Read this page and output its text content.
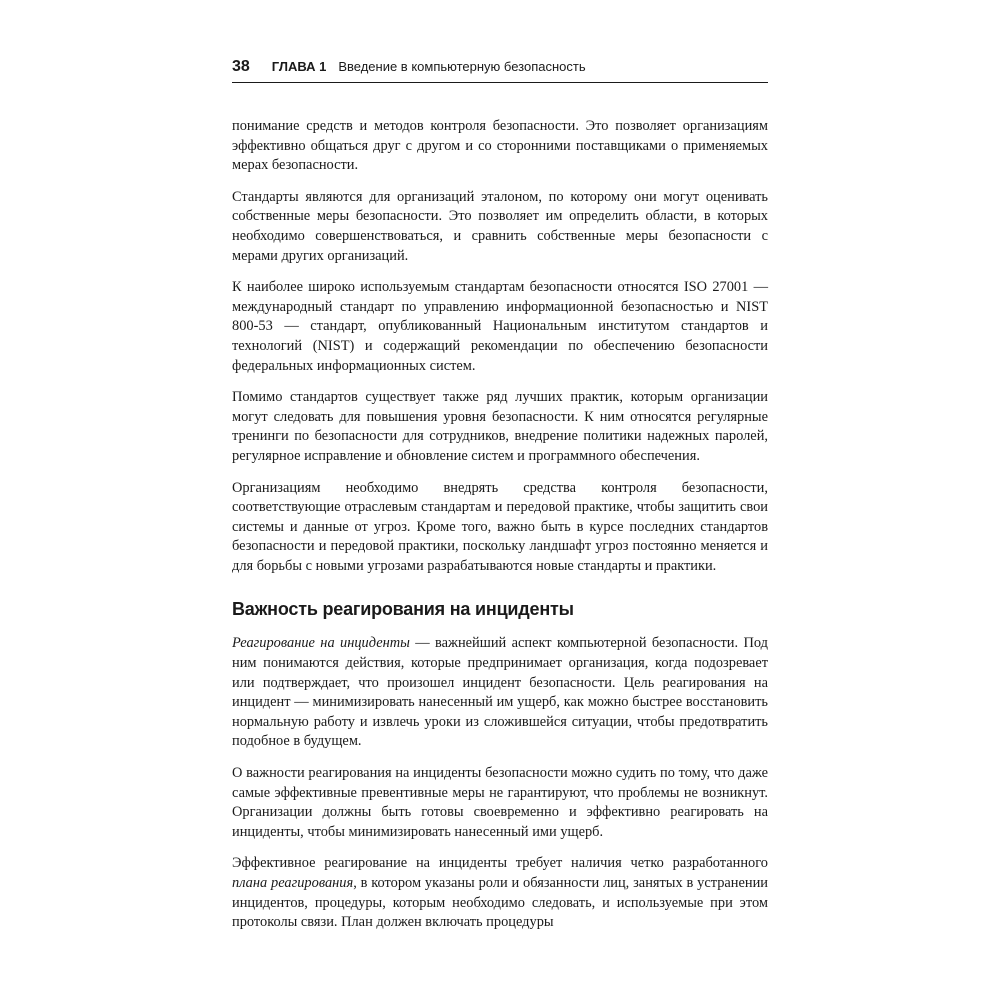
38 ГЛАВА 1 Введение в компьютерную безопасность

понимание средств и методов контроля безопасности. Это позволяет организациям эффективно общаться друг с другом и со сторонними поставщиками о применяемых мерах безопасности.

Стандарты являются для организаций эталоном, по которому они могут оценивать собственные меры безопасности. Это позволяет им определить области, в которых необходимо совершенствоваться, и сравнить собственные меры безопасности с мерами других организаций.

К наиболее широко используемым стандартам безопасности относятся ISO 27001 — международный стандарт по управлению информационной безопасностью и NIST 800-53 — стандарт, опубликованный Национальным институтом стандартов и технологий (NIST) и содержащий рекомендации по обеспечению безопасности федеральных информационных систем.

Помимо стандартов существует также ряд лучших практик, которым организации могут следовать для повышения уровня безопасности. К ним относятся регулярные тренинги по безопасности для сотрудников, внедрение политики надежных паролей, регулярное исправление и обновление систем и программного обеспечения.

Организациям необходимо внедрять средства контроля безопасности, соответствующие отраслевым стандартам и передовой практике, чтобы защитить свои системы и данные от угроз. Кроме того, важно быть в курсе последних стандартов безопасности и передовой практики, поскольку ландшафт угроз постоянно меняется и для борьбы с новыми угрозами разрабатываются новые стандарты и практики.

Важность реагирования на инциденты

Реагирование на инциденты — важнейший аспект компьютерной безопасности. Под ним понимаются действия, которые предпринимает организация, когда подозревает или подтверждает, что произошел инцидент безопасности. Цель реагирования на инцидент — минимизировать нанесенный им ущерб, как можно быстрее восстановить нормальную работу и извлечь уроки из сложившейся ситуации, чтобы предотвратить подобное в будущем.

О важности реагирования на инциденты безопасности можно судить по тому, что даже самые эффективные превентивные меры не гарантируют, что проблемы не возникнут. Организации должны быть готовы своевременно и эффективно реагировать на инциденты, чтобы минимизировать нанесенный ими ущерб.

Эффективное реагирование на инциденты требует наличия четко разработанного плана реагирования, в котором указаны роли и обязанности лиц, занятых в устранении инцидентов, процедуры, которым необходимо следовать, и используемые при этом протоколы связи. План должен включать процедуры
